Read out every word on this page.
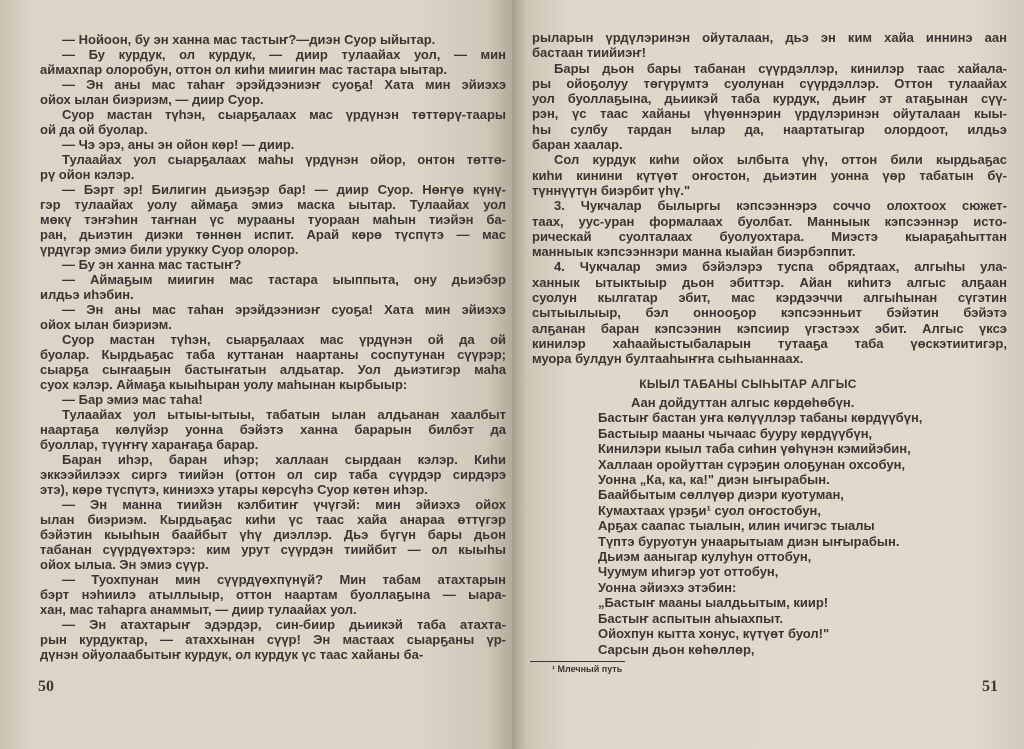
— Нойоон, бу эн ханна мас тастыҥ?—диэн Суор ыйытар.
— Бу курдук, ол курдук, — диир тулаайах уол, — мин
аймахпар олоробун, оттон ол киһи миигин мас тастара ыытар.
— Эн аны мас таһаҥ эрэйдээниэҥ суоҕа! Хата мин эйиэхэ
ойох ылан биэриэм, — диир Суор.
Суор мастан түһэн, сыарҕалаах мас үрдүнэн төттөрү-таары
ой да ой буолар.
— Чэ эрэ, аны эн ойон көр! — диир.
Тулаайах уол сыарҕалаах маһы үрдүнэн ойор, онтон төттө-
рү ойон кэлэр.
— Бэрт эр! Билигин дьиэҕэр бар! — диир Суор. Нөҥүө күнү-
гэр тулаайах уолу аймаҕа эмиэ маска ыытар. Тулаайах уол
мөкү тэҥэһин таҥнан үс мурааны туораан маһын тиэйэн ба-
ран, дьиэтин диэки төннөн испит. Арай көрө түспүтэ — мас
үрдүгэр эмиэ били урукку Суор олорор.
— Бу эн ханна мас тастыҥ?
— Аймаҕым миигин мас тастара ыыппыта, ону дьиэбэр
илдьэ иһэбин.
— Эн аны мас таһан эрэйдээниэҥ суоҕа! Хата мин эйиэхэ
ойох ылан биэриэм.
Суор мастан түһэн, сыарҕалаах мас үрдүнэн ой да ой
буолар. Кырдьаҕас таба куттанан наартаны соспутунан сүүрэр;
сыарҕа сыҥааҕын бастыҥатын алдьатар. Уол дьиэтигэр маһа
суох кэлэр. Аймаҕа кыыһыран уолу маһынан кырбыыр:
— Бар эмиэ мас таһа!
Тулаайах уол ытыы-ытыы, табатын ылан алдьанан хаалбыт
наартаҕа көлүйэр уонна бэйэтэ ханна барарын билбэт да
буоллар, түүҥҥү хараҥаҕа барар.
Баран иһэр, баран иһэр; халлаан сырдаан кэлэр. Киһи
эккээйилээх сиргэ тиийэн (оттон ол сир таба сүүрдэр сирдэрэ
этэ), көрө түспүтэ, киниэхэ утары көрсүһэ Суор көтөн иһэр.
— Эн манна тиийэн кэлбитиҥ үчүгэй: мин эйиэхэ ойох
ылан биэриэм. Кырдьаҕас киһи үс таас хайа анараа өттүгэр
бэйэтин кыыһын баайбыт үһү диэллэр. Дьэ бүгүн бары дьон
табанан сүүрдүөхтэрэ: ким урут сүүрдэн тиийбит — ол кыыһы
ойох ылыа. Эн эмиэ сүүр.
— Туохпунан мин сүүрдүөхпүнүй? Мин табам атахтарын
бэрт нэһиилэ атыллыыр, оттон наартам буоллаҕына — ыара-
хан, мас таһарга анаммыт, — диир тулаайах уол.
— Эн атахтарыҥ эдэрдэр, син-биир дьиикэй таба атахта-
рын курдуктар, — атаххынан сүүр! Эн мастаах сыарҕаны үр-
дүнэн ойуолаабытыҥ курдук, ол курдук үс таас хайаны ба-
50
рыларын үрдүлэринэн ойуталаан, дьэ эн ким хайа иннинэ аан
бастаан тиийиэҥ!
Бары дьон бары табанан сүүрдэллэр, кинилэр таас хайала-
ры ойоҕолуу төгүрүмтэ суолунан сүүрдэллэр. Оттон тулаайах
уол буоллаҕына, дьиикэй таба курдук, дьиҥ эт атаҕынан сүү-
рэн, үс таас хайаны үһүөннэрин үрдүлэринэн ойуталаан кыы-
һы сулбу тардан ылар да, наартатыгар олордоот, илдьэ
баран хаалар.
Сол курдук киһи ойох ылбыта үһү, оттон били кырдьаҕас
киһи кинини күтүөт оҥостон, дьиэтин уонна үөр табатын бү-
түннүүтүн биэрбит үһү."
3. Чукчалар былыргы кэпсээннэрэ соччо олохтоох сюжет-
таах, уус-уран формалаах буолбат. Манныык кэпсээннэр исто-
рическай суолталаах буолуохтара. Миэстэ кыараҕаһыттан
манныык кэпсээннэри манна кыайан биэрбэппит.
4. Чукчалар эмиэ бэйэлэрэ туспа обрядтаах, алгыһы ула-
ханнык ытыктыыр дьон эбиттэр. Айан киһитэ алгыс алҕаан
суолун кылгатар эбит, мас кэрдээччи алгыһынан сүгэтин
сытыылыыр, бэл оннооҕор кэпсээнньит бэйэтин бэйэтэ
алҕанан баран кэпсээнин кэпсиир үгэстээх эбит. Алгыс үксэ
кинилэр хаһаайыстыбаларын тутааҕа таба үөскэтиитигэр,
муора булдун бултааһыҥҥа сыһыаннаах.
Аан дойдуттан алгыс көрдөһөбүн.
Бастыҥ бастан уҥа көлүүллэр табаны көрдүүбүн,
Бастыыр мааны чычаас бууру көрдүүбүн,
Кинилэри кыыл таба сиһин үөһүнэн кэмийэбин,
Халлаан оройуттан сүрэҕин олоҕунан охсобун,
Уонна „Ка, ка, ка!" диэн ыҥырабын.
Баайбытым сөллүөр диэри куотуман,
Кумахтаах үрэҕи¹ суол оҥостобун,
Арҕах саапас тыалын, илин ичигэс тыалы
Түптэ буруотун унаарытыам диэн ыҥырабын.
Дьиэм ааныгар кулуһун оттобун,
Чуумум иһигэр уот оттобун,
Уонна эйиэхэ этэбин:
„Бастыҥ мааны ыалдьытым, киир!
Бастыҥ аспытын аһыахпыт.
Ойохпун кытта хонус, күтүөт буол!"
Сарсын дьон көһөллөр,
¹ Млечный путь
51
КЫЫЛ ТАБАНЫ СЫҺЫТАР АЛГЫС
